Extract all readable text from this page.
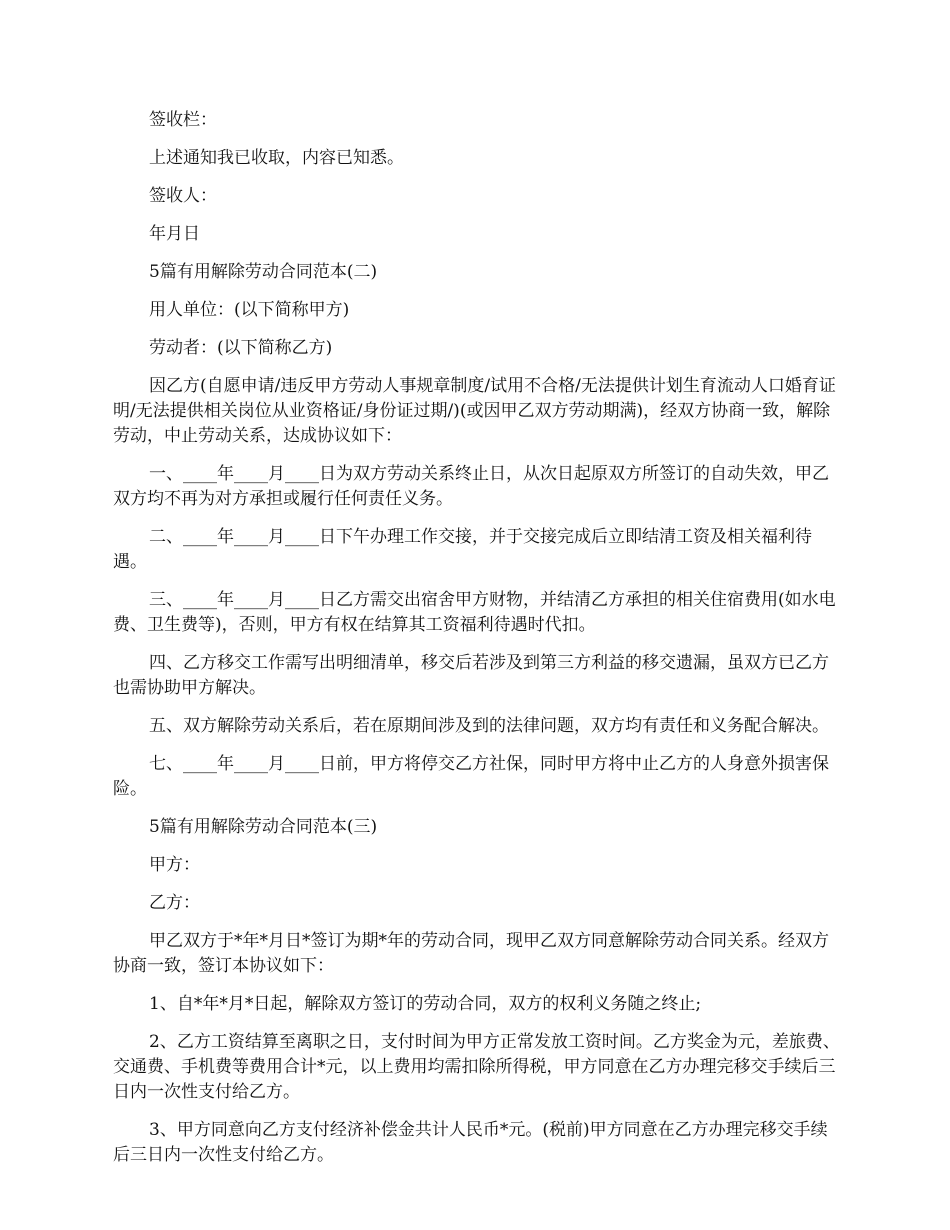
签收栏：

上述通知我已收取，内容已知悉。

签收人：

年月日

5篇有用解除劳动合同范本(二)

用人单位：(以下简称甲方)

劳动者：(以下简称乙方)

因乙方(自愿申请/违反甲方劳动人事规章制度/试用不合格/无法提供计划生育流动人口婚育证明/无法提供相关岗位从业资格证/身份证过期/)(或因甲乙双方劳动期满)，经双方协商一致，解除劳动，中止劳动关系，达成协议如下：

一、____年____月____日为双方劳动关系终止日，从次日起原双方所签订的自动失效，甲乙双方均不再为对方承担或履行任何责任义务。

二、____年____月____日下午办理工作交接，并于交接完成后立即结清工资及相关福利待遇。

三、____年____月____日乙方需交出宿舍甲方财物，并结清乙方承担的相关住宿费用(如水电费、卫生费等)，否则，甲方有权在结算其工资福利待遇时代扣。

四、乙方移交工作需写出明细清单，移交后若涉及到第三方利益的移交遗漏，虽双方已乙方也需协助甲方解决。

五、双方解除劳动关系后，若在原期间涉及到的法律问题，双方均有责任和义务配合解决。

七、____年____月____日前，甲方将停交乙方社保，同时甲方将中止乙方的人身意外损害保险。

5篇有用解除劳动合同范本(三)

甲方：

乙方：

甲乙双方于*年*月日*签订为期*年的劳动合同，现甲乙双方同意解除劳动合同关系。经双方协商一致，签订本协议如下：

1、自*年*月*日起，解除双方签订的劳动合同，双方的权利义务随之终止;

2、乙方工资结算至离职之日，支付时间为甲方正常发放工资时间。乙方奖金为元，差旅费、交通费、手机费等费用合计*元，以上费用均需扣除所得税，甲方同意在乙方办理完移交手续后三日内一次性支付给乙方。

3、甲方同意向乙方支付经济补偿金共计人民币*元。(税前)甲方同意在乙方办理完移交手续后三日内一次性支付给乙方。
